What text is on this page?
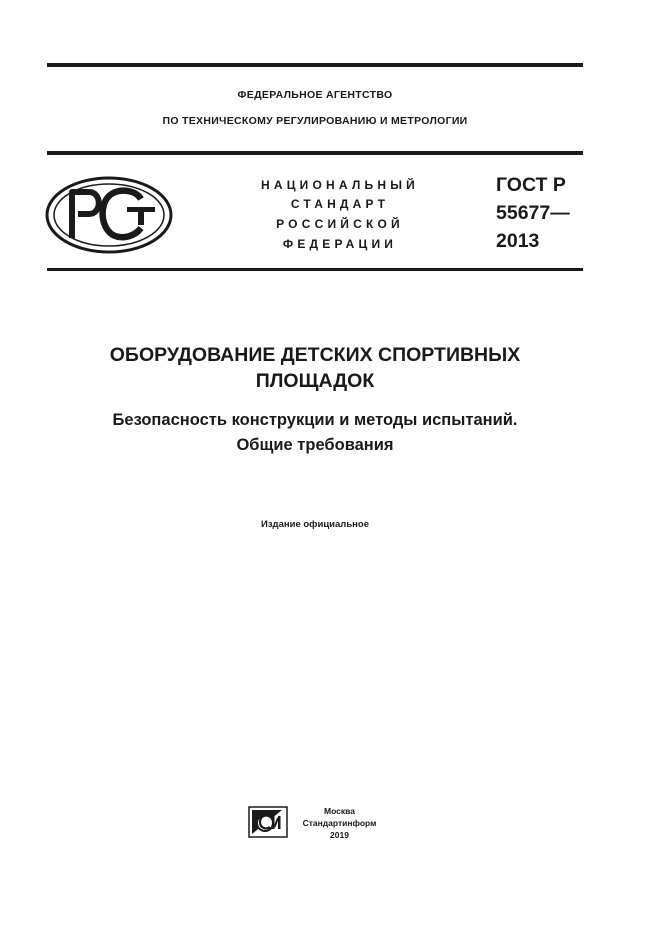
ФЕДЕРАЛЬНОЕ АГЕНТСТВО
ПО ТЕХНИЧЕСКОМУ РЕГУЛИРОВАНИЮ И МЕТРОЛОГИИ
НАЦИОНАЛЬНЫЙ
СТАНДАРТ
РОССИЙСКОЙ
ФЕДЕРАЦИИ
ГОСТ Р
55677—
2013
ОБОРУДОВАНИЕ ДЕТСКИХ СПОРТИВНЫХ
ПЛОЩАДОК
Безопасность конструкции и методы испытаний.
Общие требования
Издание официальное
Москва
Стандартинформ
2019
